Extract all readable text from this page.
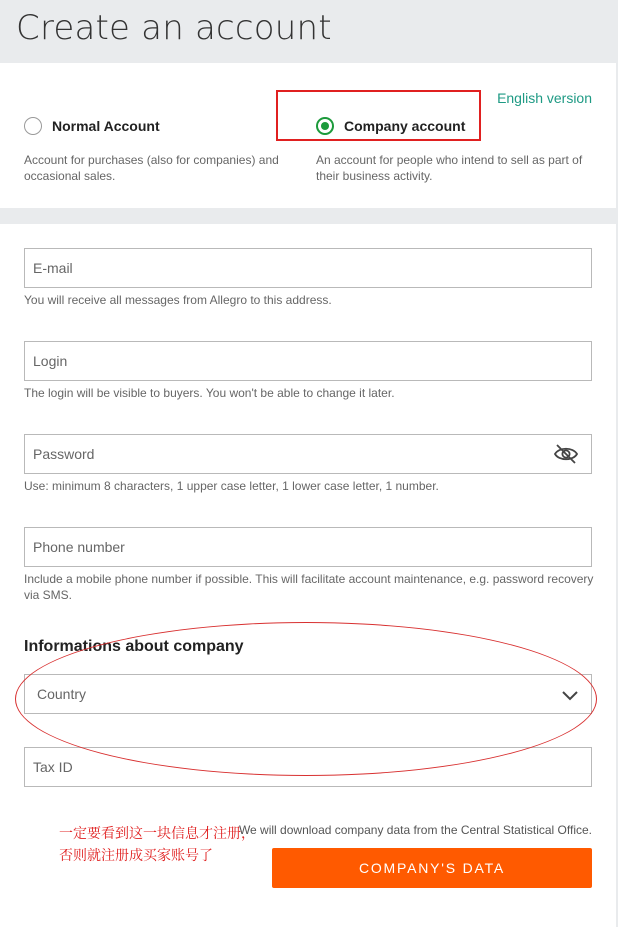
Create an account
English version
Normal Account
Account for purchases (also for companies) and occasional sales.
Company account
An account for people who intend to sell as part of their business activity.
E-mail
You will receive all messages from Allegro to this address.
Login
The login will be visible to buyers. You won't be able to change it later.
Password
Use: minimum 8 characters, 1 upper case letter, 1 lower case letter, 1 number.
Phone number
Include a mobile phone number if possible. This will facilitate account maintenance, e.g. password recovery via SMS.
Informations about company
Country
Tax ID
一定要看到这一块信息才注册，否则就注册成买家账号了
We will download company data from the Central Statistical Office.
COMPANY'S DATA
